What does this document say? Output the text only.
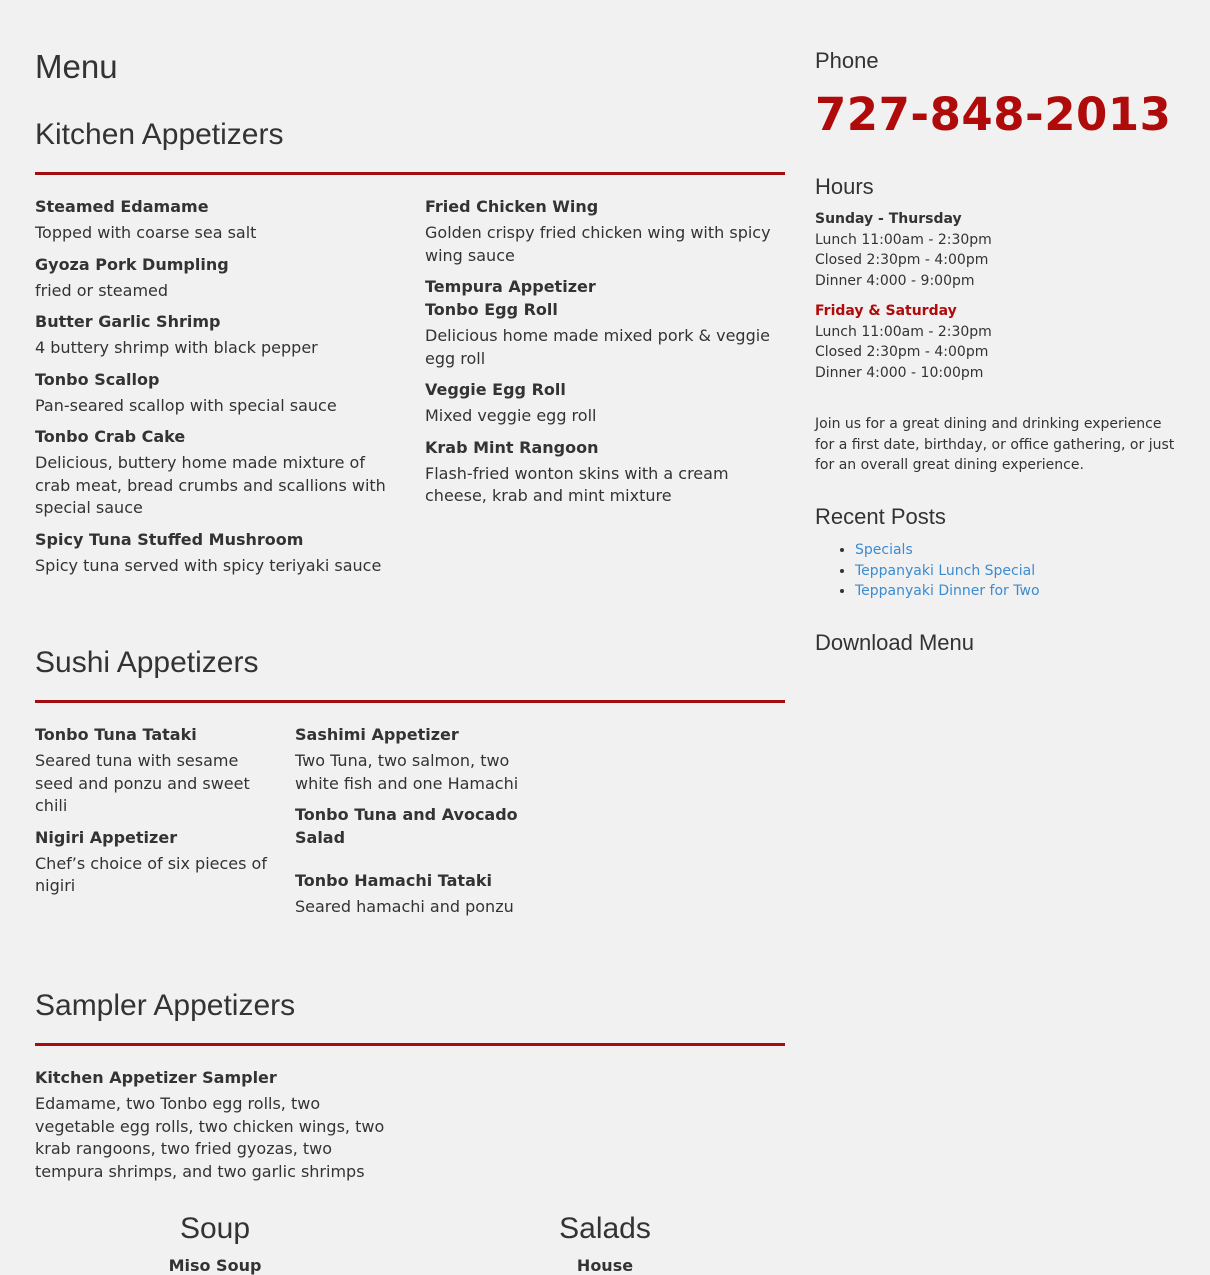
Menu
Kitchen Appetizers
Steamed Edamame
Topped with coarse sea salt
Gyoza Pork Dumpling
fried or steamed
Butter Garlic Shrimp
4 buttery shrimp with black pepper
Tonbo Scallop
Pan-seared scallop with special sauce
Tonbo Crab Cake
Delicious, buttery home made mixture of crab meat, bread crumbs and scallions with special sauce
Spicy Tuna Stuffed Mushroom
Spicy tuna served with spicy teriyaki sauce
Fried Chicken Wing
Golden crispy fried chicken wing with spicy wing sauce
Tempura Appetizer
Tonbo Egg Roll
Delicious home made mixed pork & veggie egg roll
Veggie Egg Roll
Mixed veggie egg roll
Krab Mint Rangoon
Flash-fried wonton skins with a cream cheese, krab and mint mixture
Sushi Appetizers
Tonbo Tuna Tataki
Seared tuna with sesame seed and ponzu and sweet chili
Nigiri Appetizer
Chef’s choice of six pieces of nigiri
Sashimi Appetizer
Two Tuna, two salmon, two white fish and one Hamachi
Tonbo Tuna and Avocado Salad
Tonbo Hamachi Tataki
Seared hamachi and ponzu
Sampler Appetizers
Kitchen Appetizer Sampler
Edamame, two Tonbo egg rolls, two vegetable egg rolls, two chicken wings, two krab rangoons, two fried gyozas, two tempura shrimps, and two garlic shrimps
Soup
Miso Soup
Salads
House
Phone
727-848-2013
Hours
Sunday - Thursday
Lunch 11:00am - 2:30pm
Closed 2:30pm - 4:00pm
Dinner 4:000 - 9:00pm
Friday & Saturday
Lunch 11:00am - 2:30pm
Closed 2:30pm - 4:00pm
Dinner 4:000 - 10:00pm
Join us for a great dining and drinking experience for a first date, birthday, or office gathering, or just for an overall great dining experience.
Recent Posts
• Specials
• Teppanyaki Lunch Special
• Teppanyaki Dinner for Two
Download Menu
